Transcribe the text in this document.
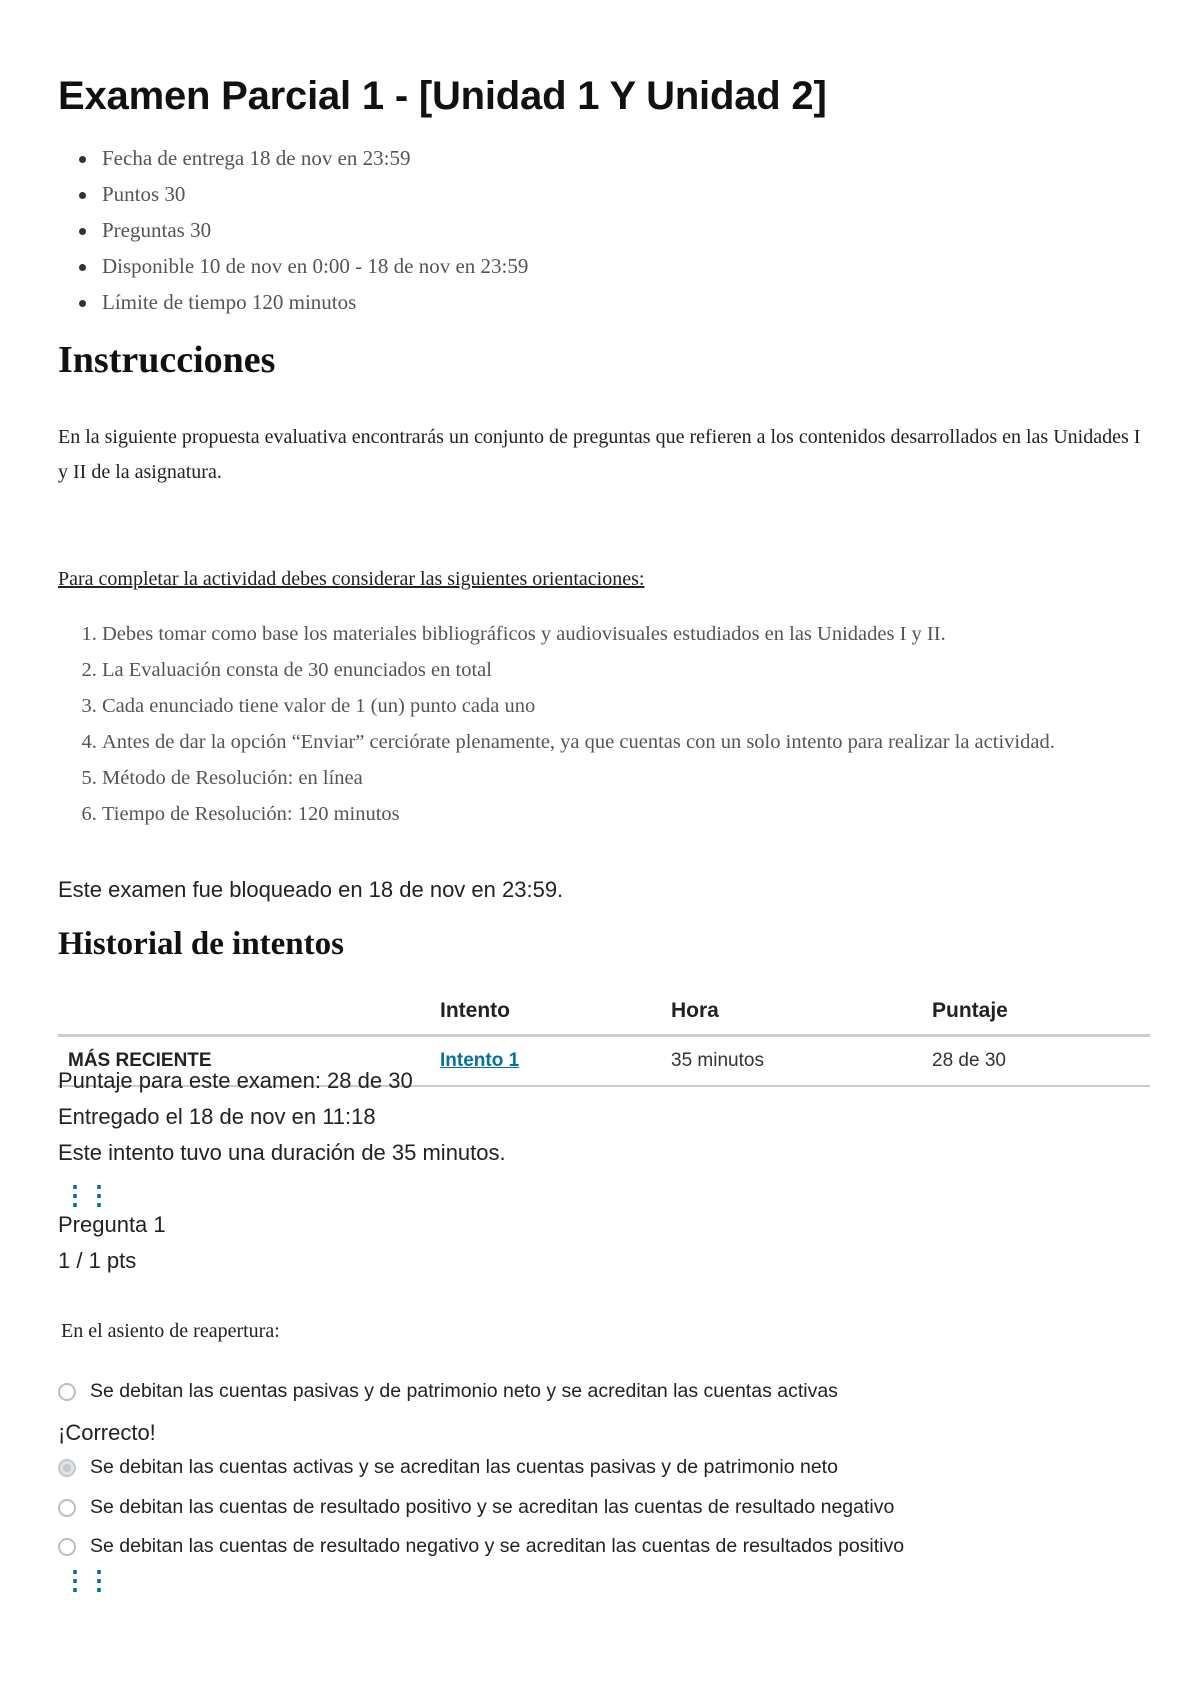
Examen Parcial 1 - [Unidad 1 Y Unidad 2]
Fecha de entrega 18 de nov en 23:59
Puntos 30
Preguntas 30
Disponible 10 de nov en 0:00 - 18 de nov en 23:59
Límite de tiempo 120 minutos
Instrucciones

En la siguiente propuesta evaluativa encontrarás un conjunto de preguntas que refieren a los contenidos desarrollados en las Unidades I y II de la asignatura.

Para completar la actividad debes considerar las siguientes orientaciones:
1. Debes tomar como base los materiales bibliográficos y audiovisuales estudiados en las Unidades I y II.
2. La Evaluación consta de 30 enunciados en total
3. Cada enunciado tiene valor de 1 (un) punto cada uno
4. Antes de dar la opción “Enviar” cerciórate plenamente, ya que cuentas con un solo intento para realizar la actividad.
5. Método de Resolución: en línea
6. Tiempo de Resolución: 120 minutos
Este examen fue bloqueado en 18 de nov en 23:59.
Historial de intentos
	Intento	Hora	Puntaje
MÁS RECIENTE	Intento 1	35 minutos	28 de 30
Puntaje para este examen: 28 de 30
Entregado el 18 de nov en 11:18
Este intento tuvo una duración de 35 minutos.
⋮⋮
Pregunta 1
1 / 1 pts
En el asiento de reapertura:
Se debitan las cuentas pasivas y de patrimonio neto y se acreditan las cuentas activas
¡Correcto!
Se debitan las cuentas activas y se acreditan las cuentas pasivas y de patrimonio neto
Se debitan las cuentas de resultado positivo y se acreditan las cuentas de resultado negativo
Se debitan las cuentas de resultado negativo y se acreditan las cuentas de resultados positivo
⋮⋮
